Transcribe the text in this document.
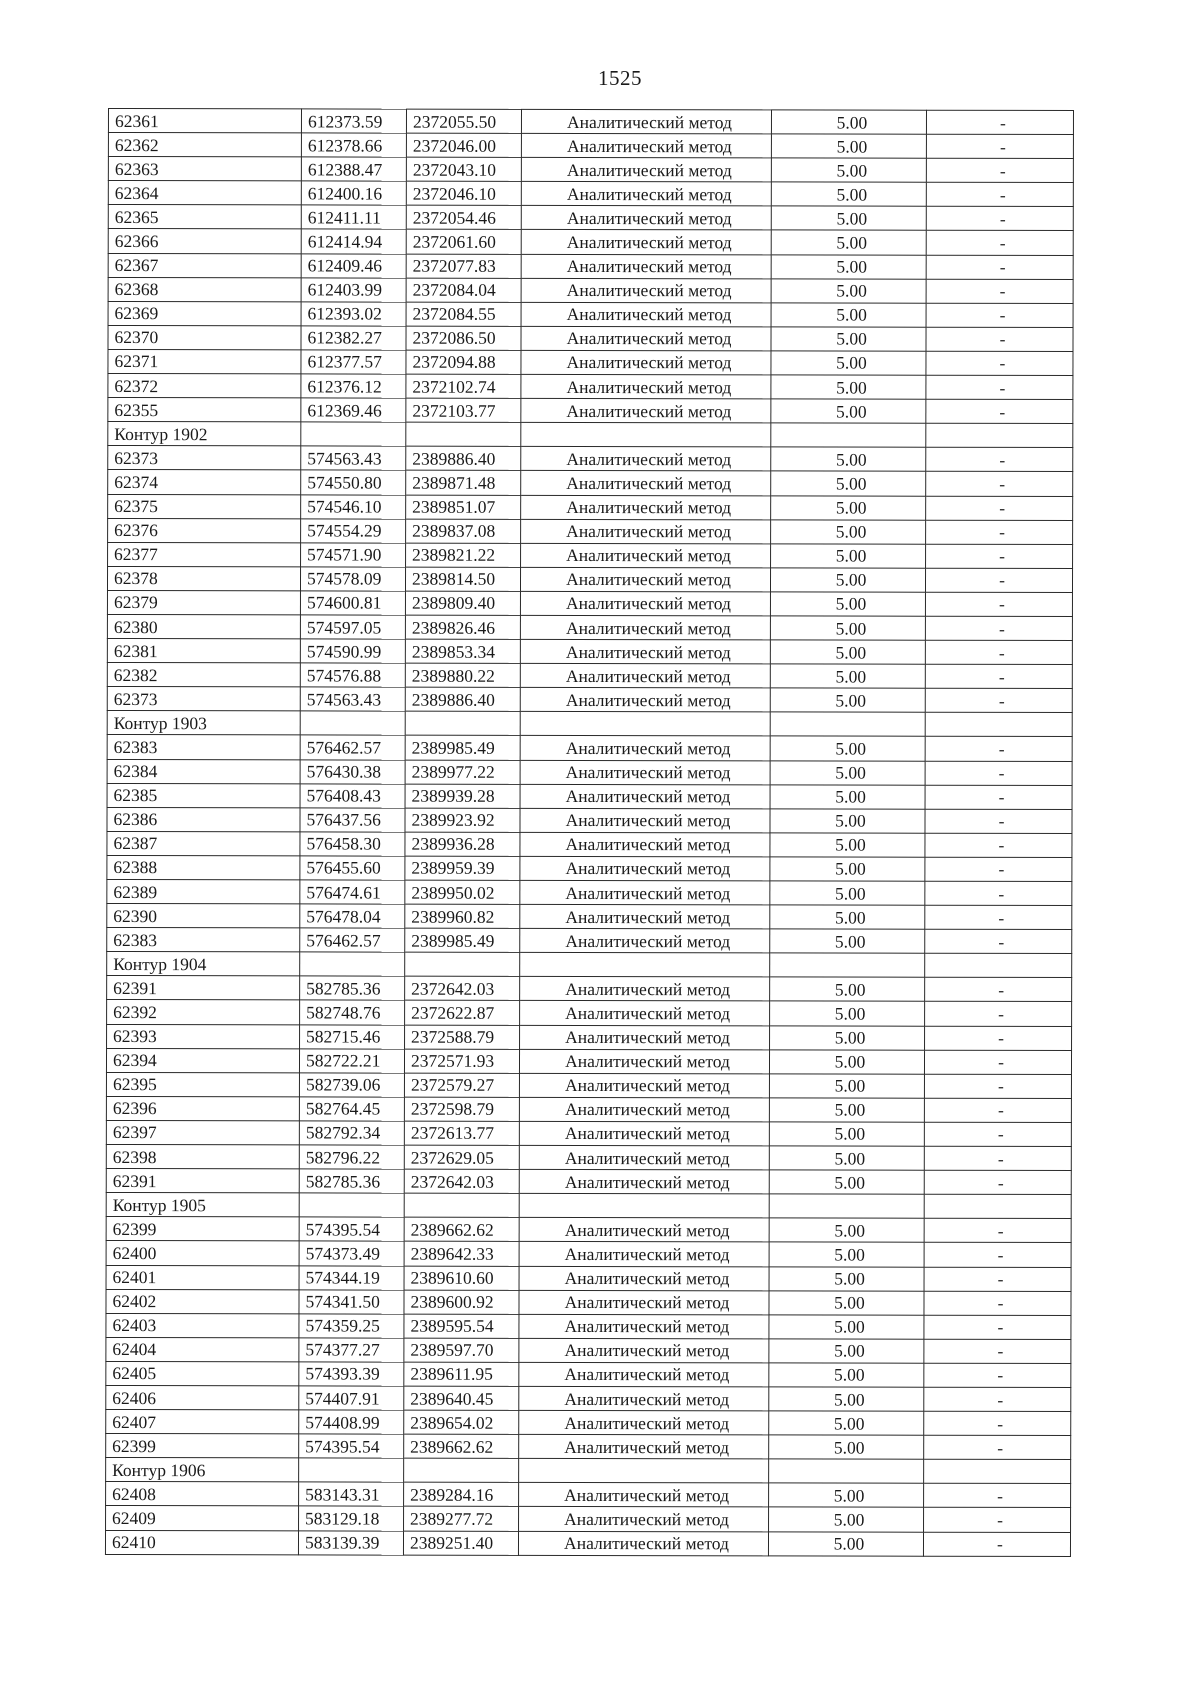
1525
62361	612373.59	2372055.50	Аналитический метод	5.00	-
62362	612378.66	2372046.00	Аналитический метод	5.00	-
62363	612388.47	2372043.10	Аналитический метод	5.00	-
62364	612400.16	2372046.10	Аналитический метод	5.00	-
62365	612411.11	2372054.46	Аналитический метод	5.00	-
62366	612414.94	2372061.60	Аналитический метод	5.00	-
62367	612409.46	2372077.83	Аналитический метод	5.00	-
62368	612403.99	2372084.04	Аналитический метод	5.00	-
62369	612393.02	2372084.55	Аналитический метод	5.00	-
62370	612382.27	2372086.50	Аналитический метод	5.00	-
62371	612377.57	2372094.88	Аналитический метод	5.00	-
62372	612376.12	2372102.74	Аналитический метод	5.00	-
62355	612369.46	2372103.77	Аналитический метод	5.00	-
Контур 1902					
62373	574563.43	2389886.40	Аналитический метод	5.00	-
62374	574550.80	2389871.48	Аналитический метод	5.00	-
62375	574546.10	2389851.07	Аналитический метод	5.00	-
62376	574554.29	2389837.08	Аналитический метод	5.00	-
62377	574571.90	2389821.22	Аналитический метод	5.00	-
62378	574578.09	2389814.50	Аналитический метод	5.00	-
62379	574600.81	2389809.40	Аналитический метод	5.00	-
62380	574597.05	2389826.46	Аналитический метод	5.00	-
62381	574590.99	2389853.34	Аналитический метод	5.00	-
62382	574576.88	2389880.22	Аналитический метод	5.00	-
62373	574563.43	2389886.40	Аналитический метод	5.00	-
Контур 1903					
62383	576462.57	2389985.49	Аналитический метод	5.00	-
62384	576430.38	2389977.22	Аналитический метод	5.00	-
62385	576408.43	2389939.28	Аналитический метод	5.00	-
62386	576437.56	2389923.92	Аналитический метод	5.00	-
62387	576458.30	2389936.28	Аналитический метод	5.00	-
62388	576455.60	2389959.39	Аналитический метод	5.00	-
62389	576474.61	2389950.02	Аналитический метод	5.00	-
62390	576478.04	2389960.82	Аналитический метод	5.00	-
62383	576462.57	2389985.49	Аналитический метод	5.00	-
Контур 1904					
62391	582785.36	2372642.03	Аналитический метод	5.00	-
62392	582748.76	2372622.87	Аналитический метод	5.00	-
62393	582715.46	2372588.79	Аналитический метод	5.00	-
62394	582722.21	2372571.93	Аналитический метод	5.00	-
62395	582739.06	2372579.27	Аналитический метод	5.00	-
62396	582764.45	2372598.79	Аналитический метод	5.00	-
62397	582792.34	2372613.77	Аналитический метод	5.00	-
62398	582796.22	2372629.05	Аналитический метод	5.00	-
62391	582785.36	2372642.03	Аналитический метод	5.00	-
Контур 1905					
62399	574395.54	2389662.62	Аналитический метод	5.00	-
62400	574373.49	2389642.33	Аналитический метод	5.00	-
62401	574344.19	2389610.60	Аналитический метод	5.00	-
62402	574341.50	2389600.92	Аналитический метод	5.00	-
62403	574359.25	2389595.54	Аналитический метод	5.00	-
62404	574377.27	2389597.70	Аналитический метод	5.00	-
62405	574393.39	2389611.95	Аналитический метод	5.00	-
62406	574407.91	2389640.45	Аналитический метод	5.00	-
62407	574408.99	2389654.02	Аналитический метод	5.00	-
62399	574395.54	2389662.62	Аналитический метод	5.00	-
Контур 1906					
62408	583143.31	2389284.16	Аналитический метод	5.00	-
62409	583129.18	2389277.72	Аналитический метод	5.00	-
62410	583139.39	2389251.40	Аналитический метод	5.00	-
